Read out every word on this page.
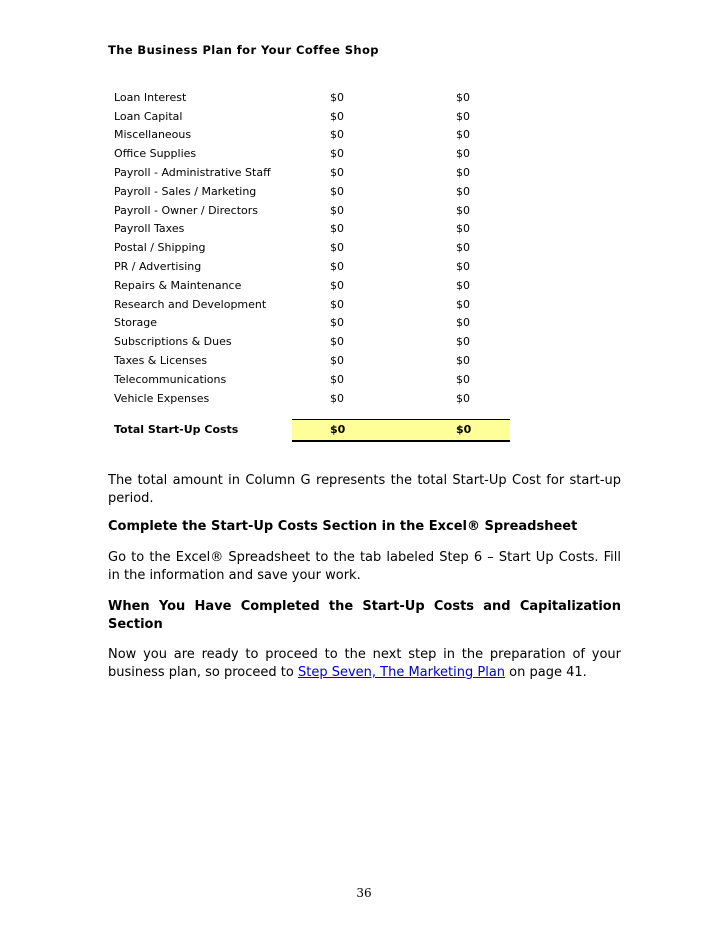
The Business Plan for Your Coffee Shop
Loan Interest	$0	$0
Loan Capital	$0	$0
Miscellaneous	$0	$0
Office Supplies	$0	$0
Payroll - Administrative Staff	$0	$0
Payroll - Sales / Marketing	$0	$0
Payroll - Owner / Directors	$0	$0
Payroll Taxes	$0	$0
Postal / Shipping	$0	$0
PR / Advertising	$0	$0
Repairs & Maintenance	$0	$0
Research and Development	$0	$0
Storage	$0	$0
Subscriptions & Dues	$0	$0
Taxes & Licenses	$0	$0
Telecommunications	$0	$0
Vehicle Expenses	$0	$0

Total Start-Up Costs	$0	$0

The total amount in Column G represents the total Start-Up Cost for start-up period.

Complete the Start-Up Costs Section in the Excel® Spreadsheet

Go to the Excel® Spreadsheet to the tab labeled Step 6 – Start Up Costs. Fill in the information and save your work.

When You Have Completed the Start-Up Costs and Capitalization Section

Now you are ready to proceed to the next step in the preparation of your business plan, so proceed to Step Seven, The Marketing Plan on page 41.

36
